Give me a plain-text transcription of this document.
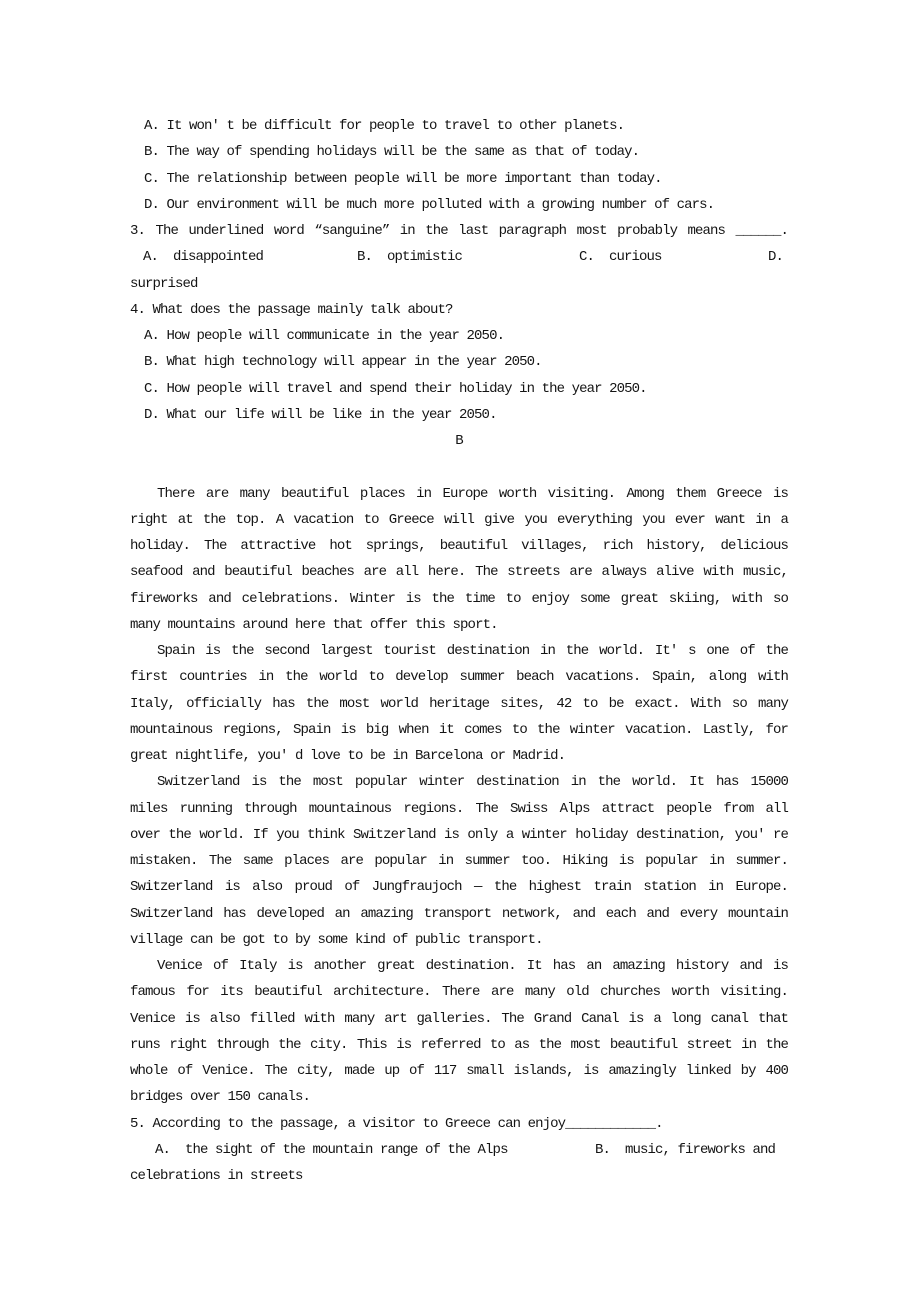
A. It won' t be difficult for people to travel to other planets.
B. The way of spending holidays will be the same as that of today.
C. The relationship between people will be more important than today.
D. Our environment will be much more polluted with a growing number of cars.
3. The underlined word “sanguine” in the last paragraph most probably means ______.
A.  disappointed	B.  optimistic	C.  curious	D.
surprised
4. What does the passage mainly talk about?
A. How people will communicate in the year 2050.
B. What high technology will appear in the year 2050.
C. How people will travel and spend their holiday in the year 2050.
D. What our life will be like in the year 2050.
B
There are many beautiful places in Europe worth visiting. Among them Greece is
right at the top. A vacation to Greece will give you everything you ever want in a
holiday. The attractive hot springs, beautiful villages, rich history, delicious
seafood and beautiful beaches are all here. The streets are always alive with music,
fireworks and celebrations. Winter is the time to enjoy some great skiing, with so
many mountains around here that offer this sport.
Spain is the second largest tourist destination in the world. It' s one of the
first countries in the world to develop summer beach vacations. Spain, along with
Italy, officially has the most world heritage sites, 42 to be exact. With so many
mountainous regions, Spain is big when it comes to the winter vacation. Lastly, for
great nightlife, you' d love to be in Barcelona or Madrid.
Switzerland is the most popular winter destination in the world. It has 15000
miles running through mountainous regions. The Swiss Alps attract people from all
over the world. If you think Switzerland is only a winter holiday destination, you' re
mistaken. The same places are popular in summer too. Hiking is popular in summer.
Switzerland is also proud of Jungfraujoch — the highest train station in Europe.
Switzerland has developed an amazing transport network, and each and every mountain
village can be got to by some kind of public transport.
Venice of Italy is another great destination. It has an amazing history and is
famous for its beautiful architecture. There are many old churches worth visiting.
Venice is also filled with many art galleries. The Grand Canal is a long canal that
runs right through the city. This is referred to as the most beautiful street in the
whole of Venice. The city, made up of 117 small islands, is amazingly linked by 400
bridges over 150 canals.
5. According to the passage, a visitor to Greece can enjoy____________.
A.  the sight of the mountain range of the Alps	B.  music, fireworks and
celebrations in streets
